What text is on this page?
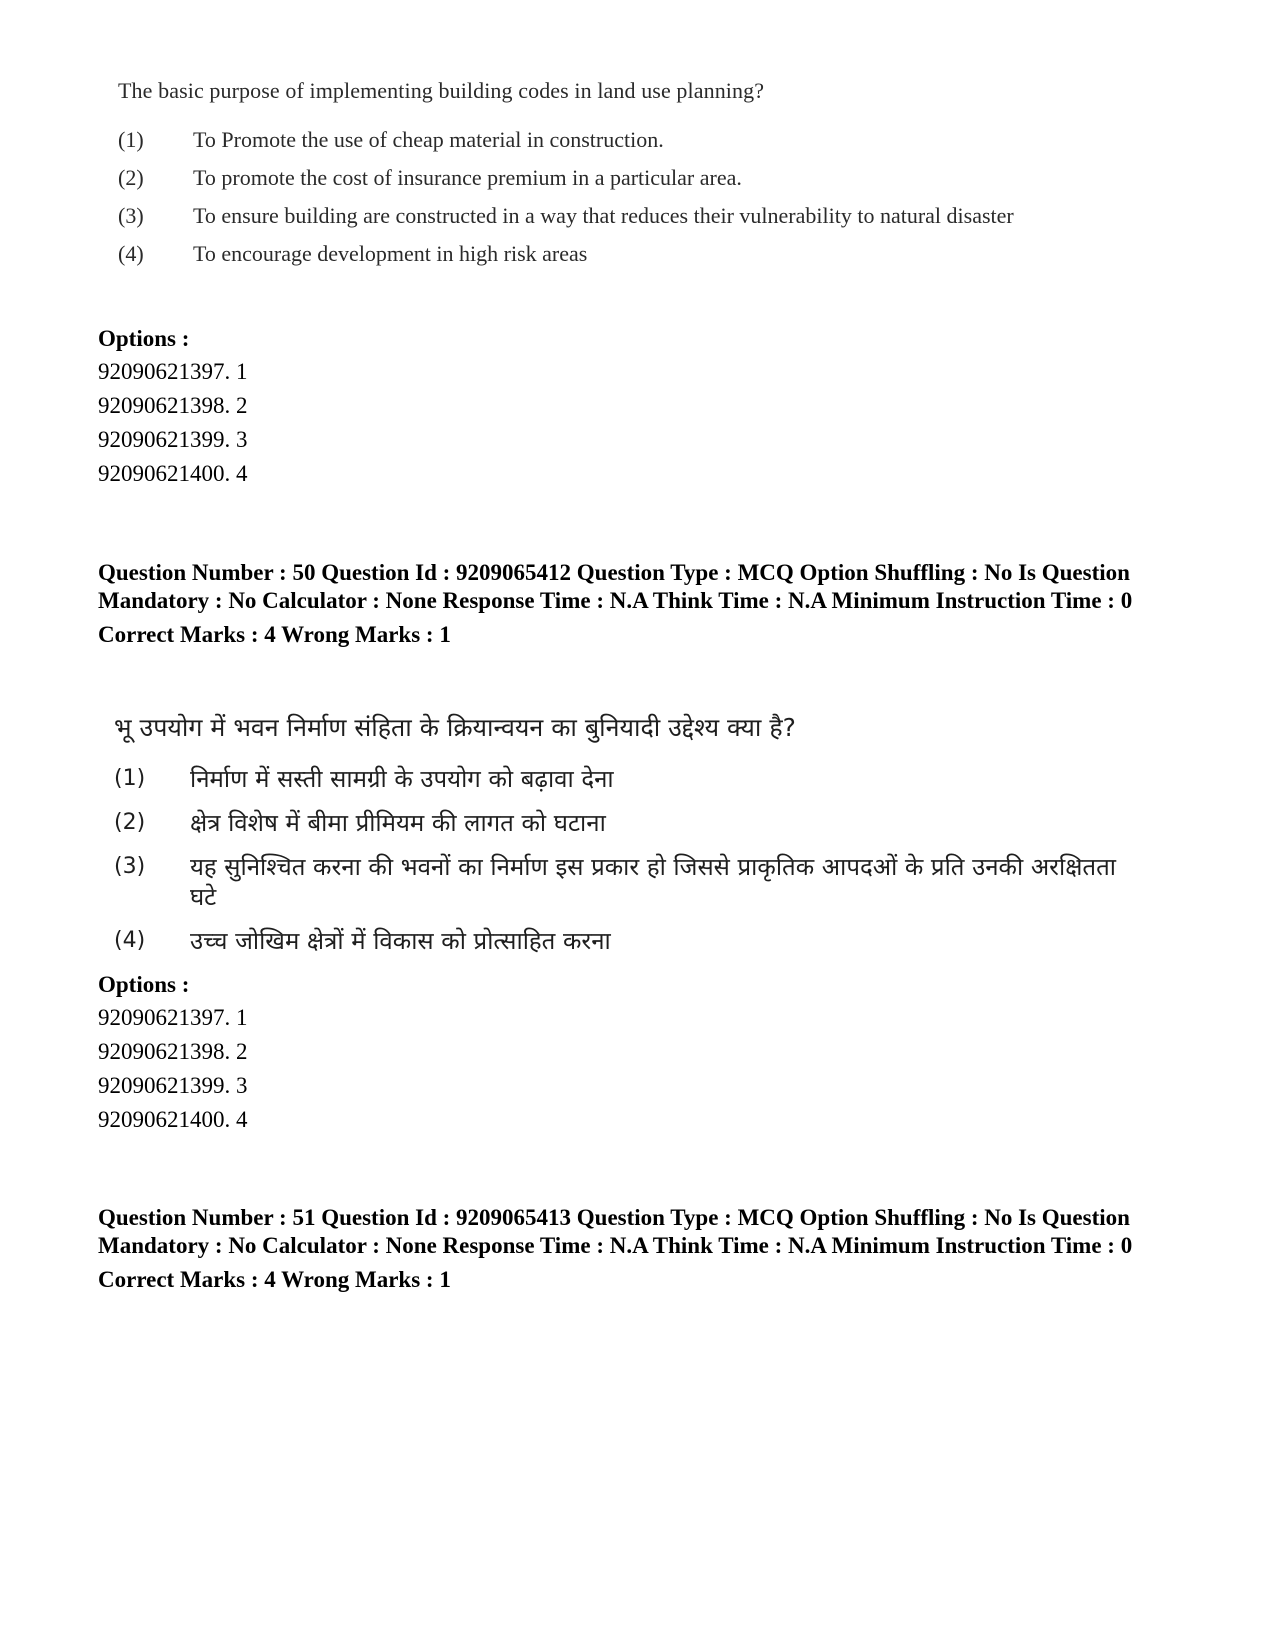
The basic purpose of implementing building codes in land use planning?
(1)	To Promote the use of cheap material in construction.
(2)	To promote the cost of insurance premium in a particular area.
(3)	To ensure building are constructed in a way that reduces their vulnerability to natural disaster
(4)	To encourage development in high risk areas
Options :
92090621397. 1
92090621398. 2
92090621399. 3
92090621400. 4
Question Number : 50 Question Id : 9209065412 Question Type : MCQ Option Shuffling : No Is Question Mandatory : No Calculator : None Response Time : N.A Think Time : N.A Minimum Instruction Time : 0
Correct Marks : 4 Wrong Marks : 1
भू उपयोग में भवन निर्माण संहिता के क्रियान्वयन का बुनियादी उद्देश्य क्या है?
(1)	निर्माण में सस्ती सामग्री के उपयोग को बढ़ावा देना
(2)	क्षेत्र विशेष में बीमा प्रीमियम की लागत को घटाना
(3)	यह सुनिश्चित करना की भवनों का निर्माण इस प्रकार हो जिससे प्राकृतिक आपदओं के प्रति उनकी अरक्षितता घटे
(4)	उच्च जोखिम क्षेत्रों में विकास को प्रोत्साहित करना
Options :
92090621397. 1
92090621398. 2
92090621399. 3
92090621400. 4
Question Number : 51 Question Id : 9209065413 Question Type : MCQ Option Shuffling : No Is Question Mandatory : No Calculator : None Response Time : N.A Think Time : N.A Minimum Instruction Time : 0
Correct Marks : 4 Wrong Marks : 1
